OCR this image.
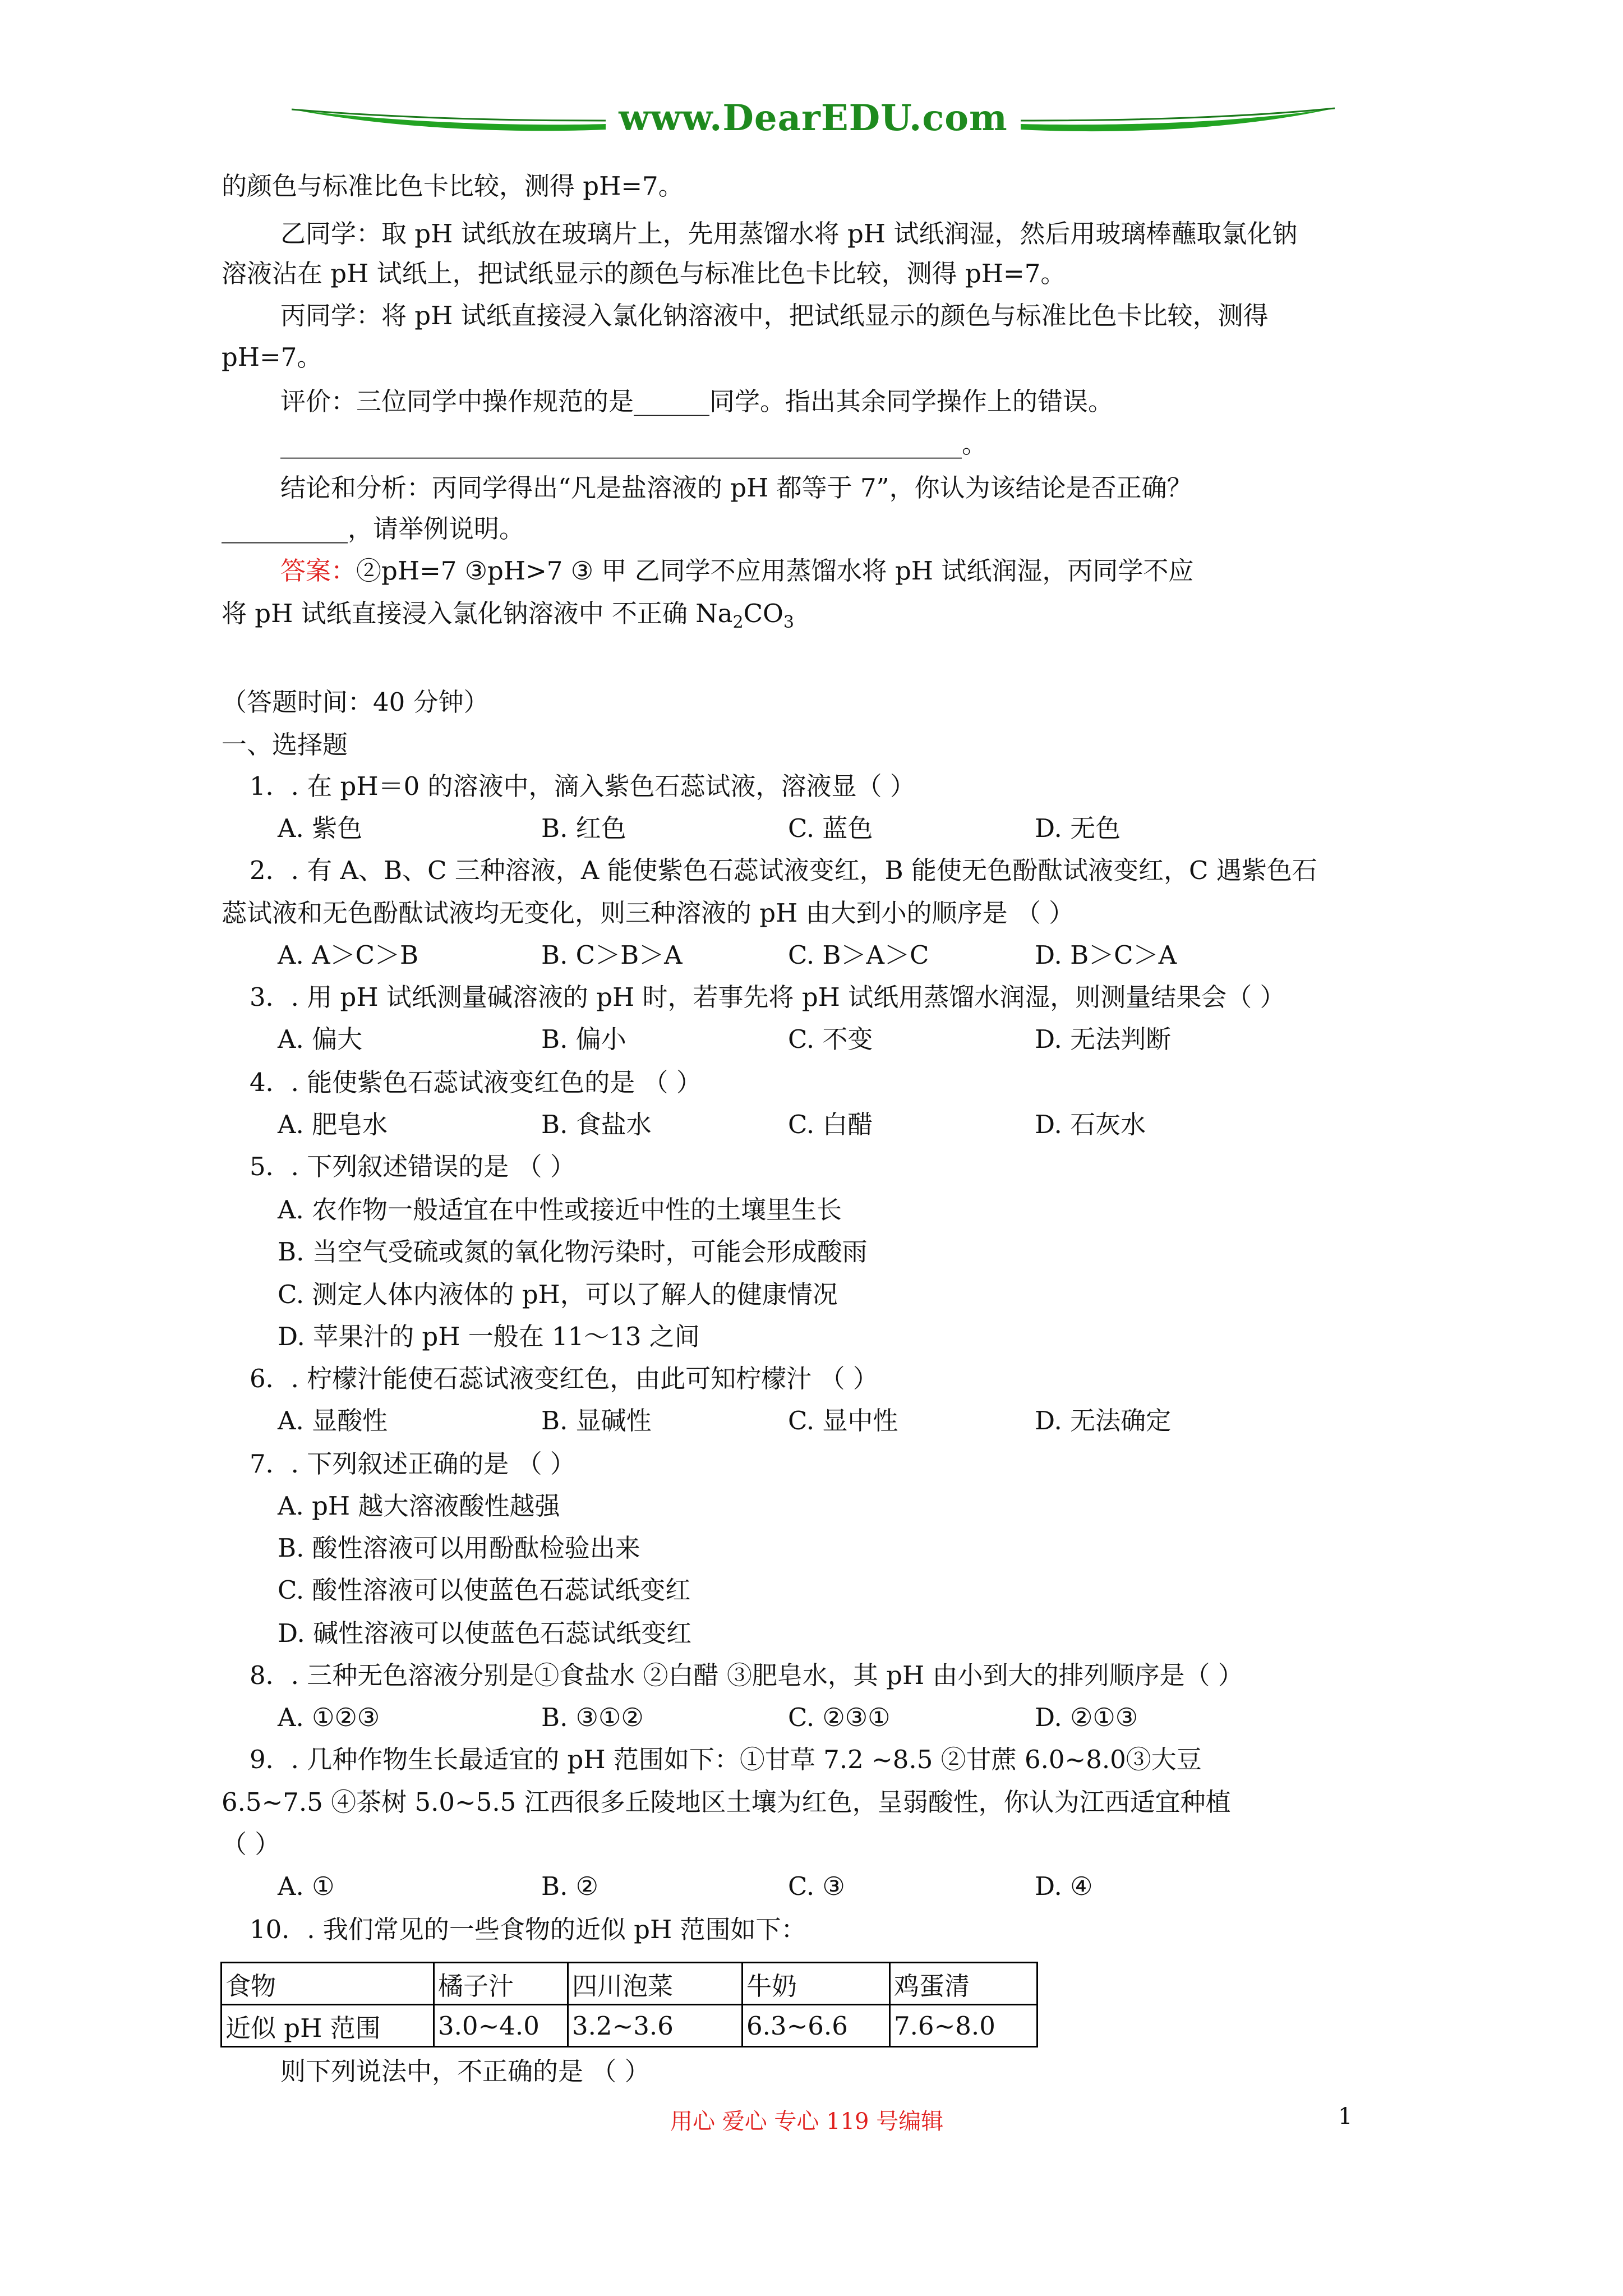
www.DearEDU.com
的颜色与标准比色卡比较，测得 pH=7。
乙同学：取 pH 试纸放在玻璃片上，先用蒸馏水将 pH 试纸润湿，然后用玻璃棒蘸取氯化钠
溶液沾在 pH 试纸上，把试纸显示的颜色与标准比色卡比较，测得 pH=7。
丙同学：将 pH 试纸直接浸入氯化钠溶液中，把试纸显示的颜色与标准比色卡比较，测得
pH=7。
评价：三位同学中操作规范的是______同学。指出其余同学操作上的错误。
______________________________________________________。
结论和分析：丙同学得出“凡是盐溶液的 pH 都等于 7”，你认为该结论是否正确？
__________，请举例说明。
答案：②pH=7 ③pH>7 ③ 甲 乙同学不应用蒸馏水将 pH 试纸润湿，丙同学不应
将 pH 试纸直接浸入氯化钠溶液中 不正确 $Na_2CO_3$
（答题时间：40 分钟）
一、选择题
1．. 在 pH＝0 的溶液中，滴入紫色石蕊试液，溶液显（ ）
A. 紫色	B. 红色	C. 蓝色	D. 无色
2．. 有 A、B、C 三种溶液，A 能使紫色石蕊试液变红，B 能使无色酚酞试液变红，C 遇紫色石
蕊试液和无色酚酞试液均无变化，则三种溶液的 pH 由大到小的顺序是 （ ）
A. A＞C＞B	B. C＞B＞A	C. B＞A＞C	D. B＞C＞A
3．. 用 pH 试纸测量碱溶液的 pH 时，若事先将 pH 试纸用蒸馏水润湿，则测量结果会（ ）
A. 偏大	B. 偏小	C. 不变	D. 无法判断
4．. 能使紫色石蕊试液变红色的是 （ ）
A. 肥皂水	B. 食盐水	C. 白醋	D. 石灰水
5．. 下列叙述错误的是 （ ）
A. 农作物一般适宜在中性或接近中性的土壤里生长
B. 当空气受硫或氮的氧化物污染时，可能会形成酸雨
C. 测定人体内液体的 pH，可以了解人的健康情况
D. 苹果汁的 pH 一般在 11～13 之间
6．. 柠檬汁能使石蕊试液变红色，由此可知柠檬汁 （ ）
A. 显酸性	B. 显碱性	C. 显中性	D. 无法确定
7．. 下列叙述正确的是 （ ）
A. pH 越大溶液酸性越强
B. 酸性溶液可以用酚酞检验出来
C. 酸性溶液可以使蓝色石蕊试纸变红
D. 碱性溶液可以使蓝色石蕊试纸变红
8．. 三种无色溶液分别是①食盐水 ②白醋 ③肥皂水，其 pH 由小到大的排列顺序是（ ）
A. ①②③	B. ③①②	C. ②③①	D. ②①③
9．. 几种作物生长最适宜的 pH 范围如下：①甘草 7.2 ~8.5 ②甘蔗 6.0~8.0③大豆
6.5~7.5 ④茶树 5.0~5.5 江西很多丘陵地区土壤为红色，呈弱酸性，你认为江西适宜种植
（ ）
A. ①	B. ②	C. ③	D. ④
10．. 我们常见的一些食物的近似 pH 范围如下：
食物	橘子汁	四川泡菜	牛奶	鸡蛋清
近似 pH 范围	3.0~4.0	3.2~3.6	6.3~6.6	7.6~8.0
则下列说法中，不正确的是 （ ）
用心 爱心 专心 119 号编辑	1
